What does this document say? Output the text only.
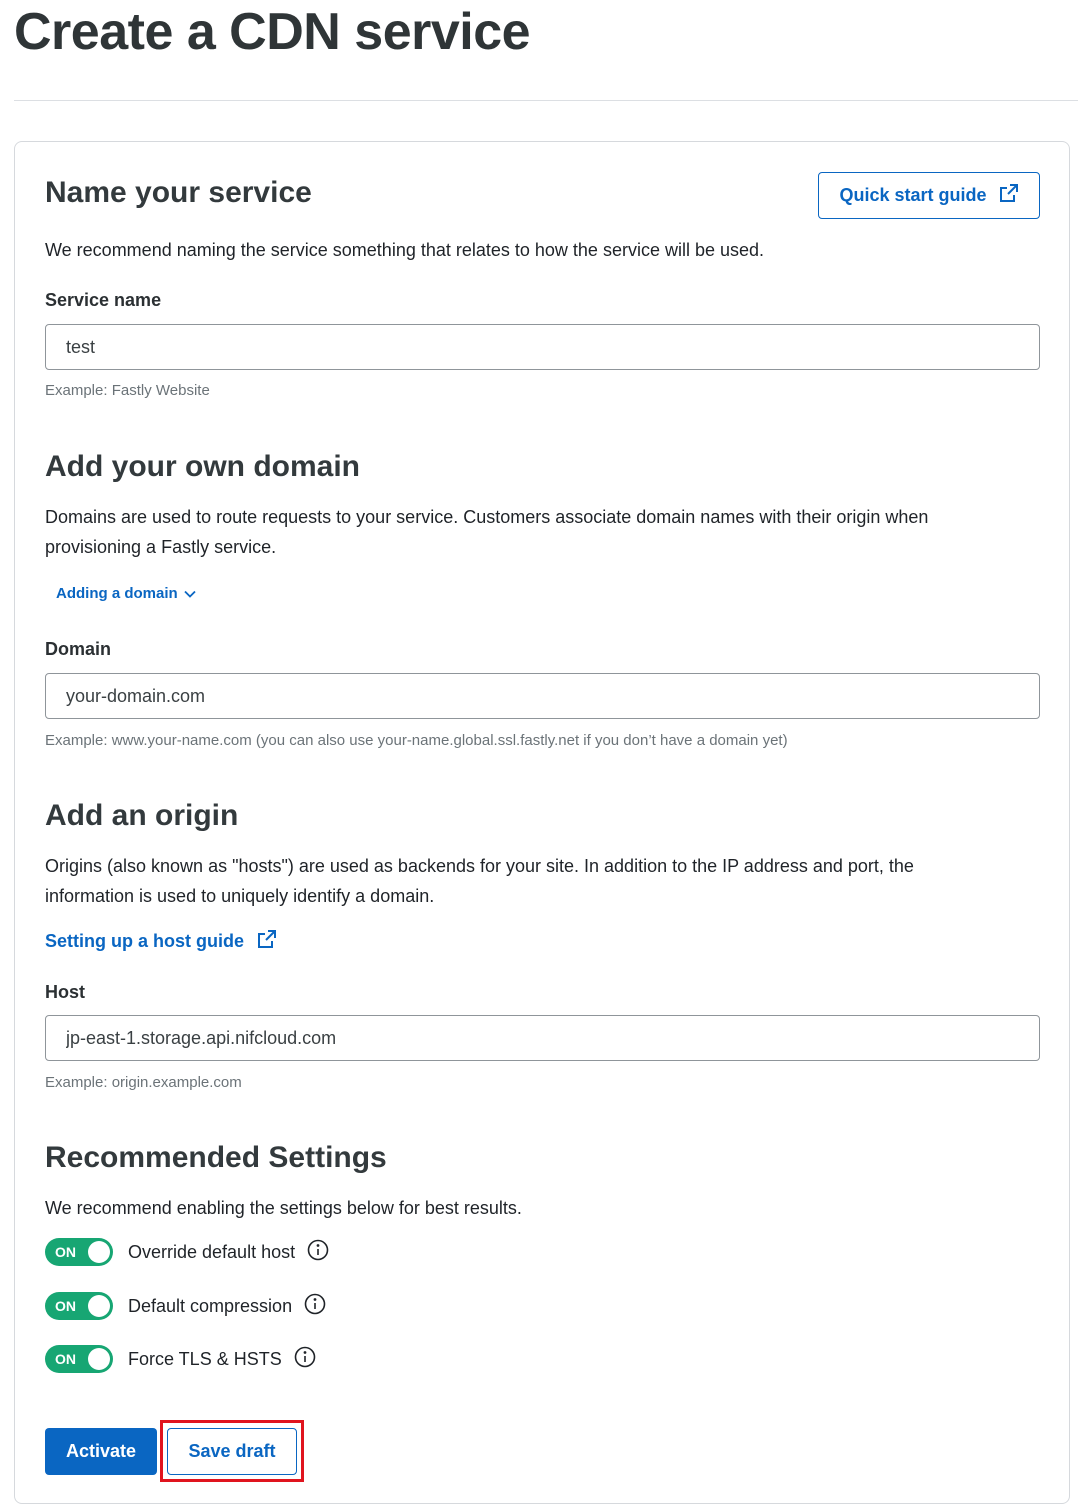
Create a CDN service
Name your service	Quick start guide
We recommend naming the service something that relates to how the service will be used.
Service name
test
Example: Fastly Website
Add your own domain
Domains are used to route requests to your service. Customers associate domain names with their origin when
provisioning a Fastly service.
Adding a domain
Domain
your-domain.com
Example: www.your-name.com (you can also use your-name.global.ssl.fastly.net if you don’t have a domain yet)
Add an origin
Origins (also known as "hosts") are used as backends for your site. In addition to the IP address and port, the
information is used to uniquely identify a domain.
Setting up a host guide
Host
jp-east-1.storage.api.nifcloud.com
Example: origin.example.com
Recommended Settings
We recommend enabling the settings below for best results.
ON	Override default host
ON	Default compression
ON	Force TLS & HSTS
Activate	Save draft
